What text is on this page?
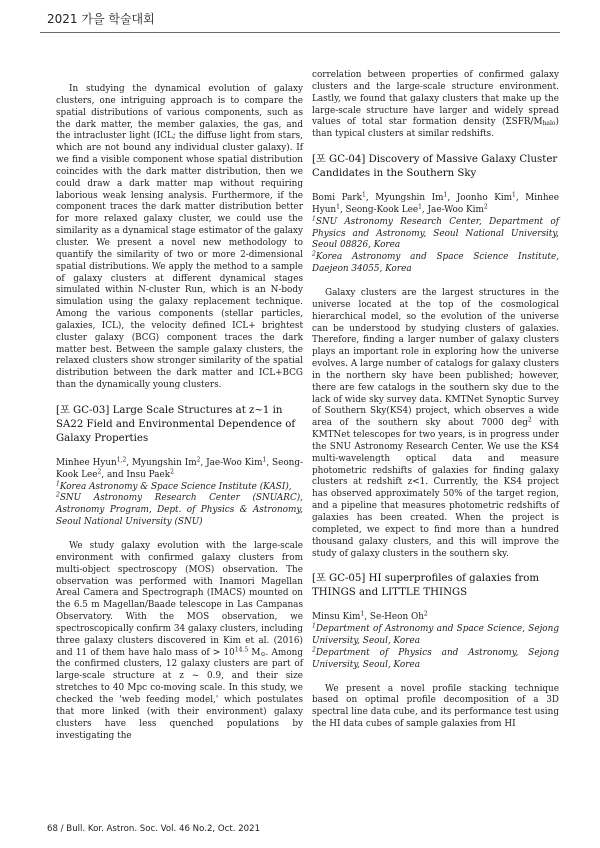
2021 가을 학술대회

In studying the dynamical evolution of galaxy clusters, one intriguing approach is to compare the spatial distributions of various components, such as the dark matter, the member galaxies, the gas, and the intracluster light (ICL; the diffuse light from stars, which are not bound any individual cluster galaxy). If we find a visible component whose spatial distribution coincides with the dark matter distribution, then we could draw a dark matter map without requiring laborious weak lensing analysis. Furthermore, if the component traces the dark matter distribution better for more relaxed galaxy cluster, we could use the similarity as a dynamical stage estimator of the galaxy cluster. We present a novel new methodology to quantify the similarity of two or more 2-dimensional spatial distributions. We apply the method to a sample of galaxy clusters at different dynamical stages simulated within N-cluster Run, which is an N-body simulation using the galaxy replacement technique. Among the various components (stellar particles, galaxies, ICL), the velocity defined ICL+ brightest cluster galaxy (BCG) component traces the dark matter best. Between the sample galaxy clusters, the relaxed clusters show stronger similarity of the spatial distribution between the dark matter and ICL+BCG than the dynamically young clusters.

[포 GC-03] Large Scale Structures at z~1 in SA22 Field and Environmental Dependence of Galaxy Properties

Minhee Hyun$^{1,2}$, Myungshin Im$^2$, Jae-Woo Kim$^1$, Seong-Kook Lee$^2$, and Insu Paek$^2$

$^1$Korea Astronomy & Space Science Institute (KASI),

$^2$SNU Astronomy Research Center (SNUARC), Astronomy Program, Dept. of Physics & Astronomy, Seoul National University (SNU)

We study galaxy evolution with the large-scale environment with confirmed galaxy clusters from multi-object spectroscopy (MOS) observation. The observation was performed with Inamori Magellan Areal Camera and Spectrograph (IMACS) mounted on the 6.5 m Magellan/Baade telescope in Las Campanas Observatory. With the MOS observation, we spectroscopically confirm 34 galaxy clusters, including three galaxy clusters discovered in Kim et al. (2016) and 11 of them have halo mass of > $10^{14.5}$ $M_⊙$. Among the confirmed clusters, 12 galaxy clusters are part of large-scale structure at z ~ 0.9, and their size stretches to 40 Mpc co-moving scale. In this study, we checked the 'web feeding model,' which postulates that more linked (with their environment) galaxy clusters have less quenched populations by investigating the

correlation between properties of confirmed galaxy clusters and the large-scale structure environment. Lastly, we found that galaxy clusters that make up the large-scale structure have larger and widely spread values of total star formation density $(\Sigma SFR/M_{halo})$ than typical clusters at similar redshifts.

[포 GC-04] Discovery of Massive Galaxy Cluster Candidates in the Southern Sky

Bomi Park$^1$, Myungshin Im$^1$, Joonho Kim$^1$, Minhee Hyun$^1$, Seong-Kook Lee$^1$, Jae-Woo Kim$^2$

$^1$SNU Astronomy Research Center, Department of Physics and Astronomy, Seoul National University, Seoul 08826, Korea

$^2$Korea Astronomy and Space Science Institute, Daejeon 34055, Korea

Galaxy clusters are the largest structures in the universe located at the top of the cosmological hierarchical model, so the evolution of the universe can be understood by studying clusters of galaxies. Therefore, finding a larger number of galaxy clusters plays an important role in exploring how the universe evolves. A large number of catalogs for galaxy clusters in the northern sky have been published; however, there are few catalogs in the southern sky due to the lack of wide sky survey data. KMTNet Synoptic Survey of Southern Sky(KS4) project, which observes a wide area of the southern sky about 7000 deg$^2$ with KMTNet telescopes for two years, is in progress under the SNU Astronomy Research Center. We use the KS4 multi-wavelength optical data and measure photometric redshifts of galaxies for finding galaxy clusters at redshift z<1. Currently, the KS4 project has observed approximately 50% of the target region, and a pipeline that measures photometric redshifts of galaxies has been created. When the project is completed, we expect to find more than a hundred thousand galaxy clusters, and this will improve the study of galaxy clusters in the southern sky.

[포 GC-05] HI superprofiles of galaxies from THINGS and LITTLE THINGS

Minsu Kim$^1$, Se-Heon Oh$^2$

$^1$Department of Astronomy and Space Science, Sejong University, Seoul, Korea

$^2$Department of Physics and Astronomy, Sejong University, Seoul, Korea

We present a novel profile stacking technique based on optimal profile decomposition of a 3D spectral line data cube, and its performance test using the HI data cubes of sample galaxies from HI

68 / Bull. Kor. Astron. Soc. Vol. 46 No.2, Oct. 2021
